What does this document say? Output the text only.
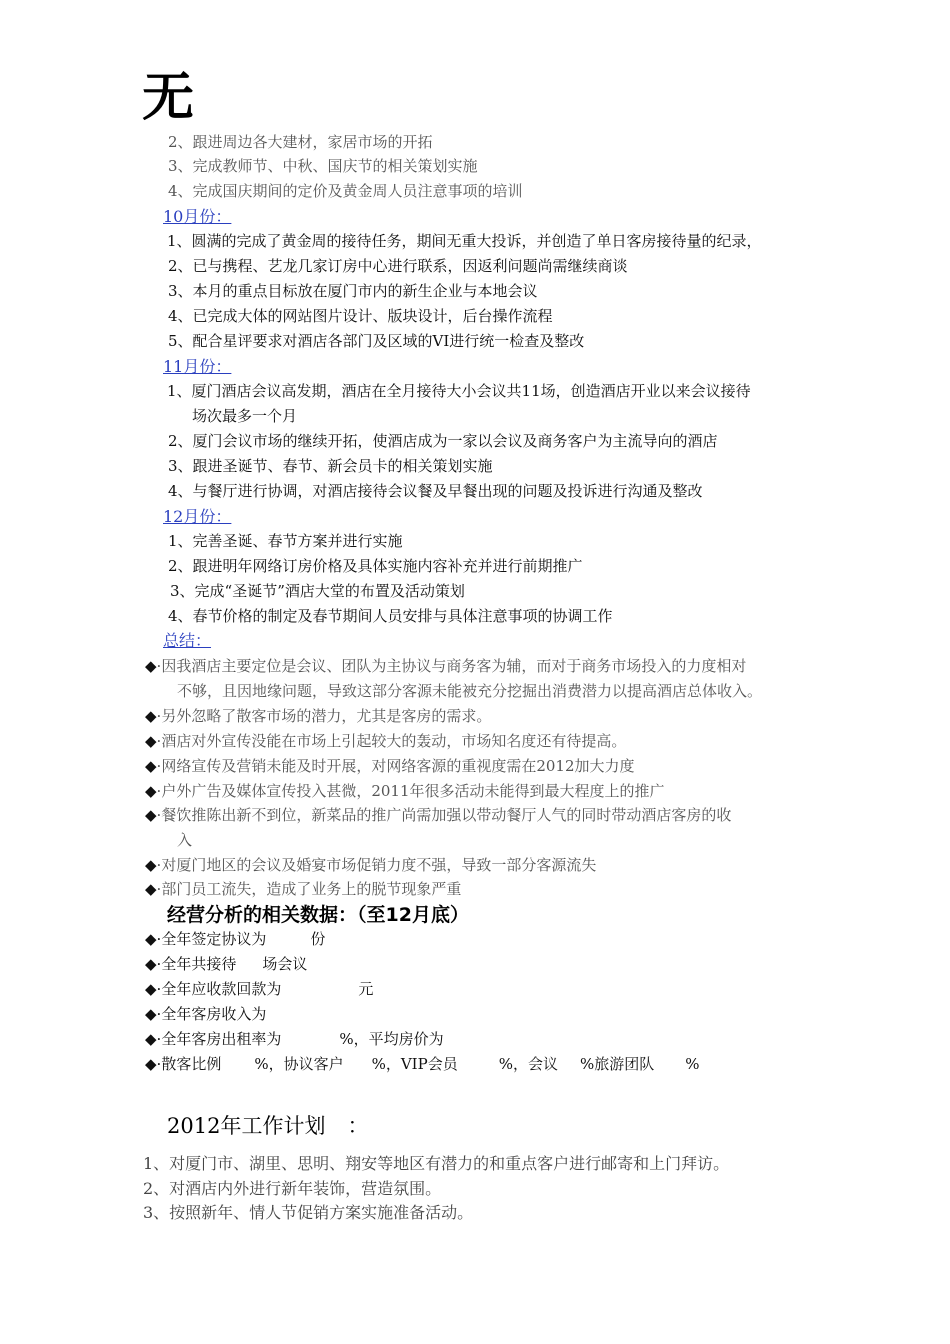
无
2、跟进周边各大建材，家居市场的开拓
3、完成教师节、中秋、国庆节的相关策划实施
4、完成国庆期间的定价及黄金周人员注意事项的培训
10月份：
1、圆满的完成了黄金周的接待任务，期间无重大投诉，并创造了单日客房接待量的纪录，
2、已与携程、艺龙几家订房中心进行联系，因返利问题尚需继续商谈
3、本月的重点目标放在厦门市内的新生企业与本地会议
4、已完成大体的网站图片设计、版块设计，后台操作流程
5、配合星评要求对酒店各部门及区域的VI进行统一检查及整改
11月份：
1、厦门酒店会议高发期，酒店在全月接待大小会议共11场，创造酒店开业以来会议接待
场次最多一个月
2、厦门会议市场的继续开拓，使酒店成为一家以会议及商务客户为主流导向的酒店
3、跟进圣诞节、春节、新会员卡的相关策划实施
4、与餐厅进行协调，对酒店接待会议餐及早餐出现的问题及投诉进行沟通及整改
12月份：
1、完善圣诞、春节方案并进行实施
2、跟进明年网络订房价格及具体实施内容补充并进行前期推广
3、完成“圣诞节”酒店大堂的布置及活动策划
4、春节价格的制定及春节期间人员安排与具体注意事项的协调工作
总结：
◆·因我酒店主要定位是会议、团队为主协议与商务客为辅，而对于商务市场投入的力度相对
不够，且因地缘问题，导致这部分客源未能被充分挖掘出消费潜力以提高酒店总体收入。
◆·另外忽略了散客市场的潜力，尤其是客房的需求。
◆·酒店对外宣传没能在市场上引起较大的轰动，市场知名度还有待提高。
◆·网络宣传及营销未能及时开展，对网络客源的重视度需在2012加大力度
◆·户外广告及媒体宣传投入甚微，2011年很多活动未能得到最大程度上的推广
◆·餐饮推陈出新不到位，新菜品的推广尚需加强以带动餐厅人气的同时带动酒店客房的收
入
◆·对厦门地区的会议及婚宴市场促销力度不强，导致一部分客源流失
◆·部门员工流失，造成了业务上的脱节现象严重
经营分析的相关数据：（至12月底）
◆·全年签定协议为	份
◆·全年共接待 场会议
◆·全年应收款回款为	元
◆·全年客房收入为
◆·全年客房出租率为	%，平均房价为
◆·散客比例 %，协议客户 %，VIP会员	%，会议 %旅游团队 %
2012年工作计划 ：
1、对厦门市、湖里、思明、翔安等地区有潜力的和重点客户进行邮寄和上门拜访。
2、对酒店内外进行新年装饰，营造氛围。
3、按照新年、情人节促销方案实施准备活动。
